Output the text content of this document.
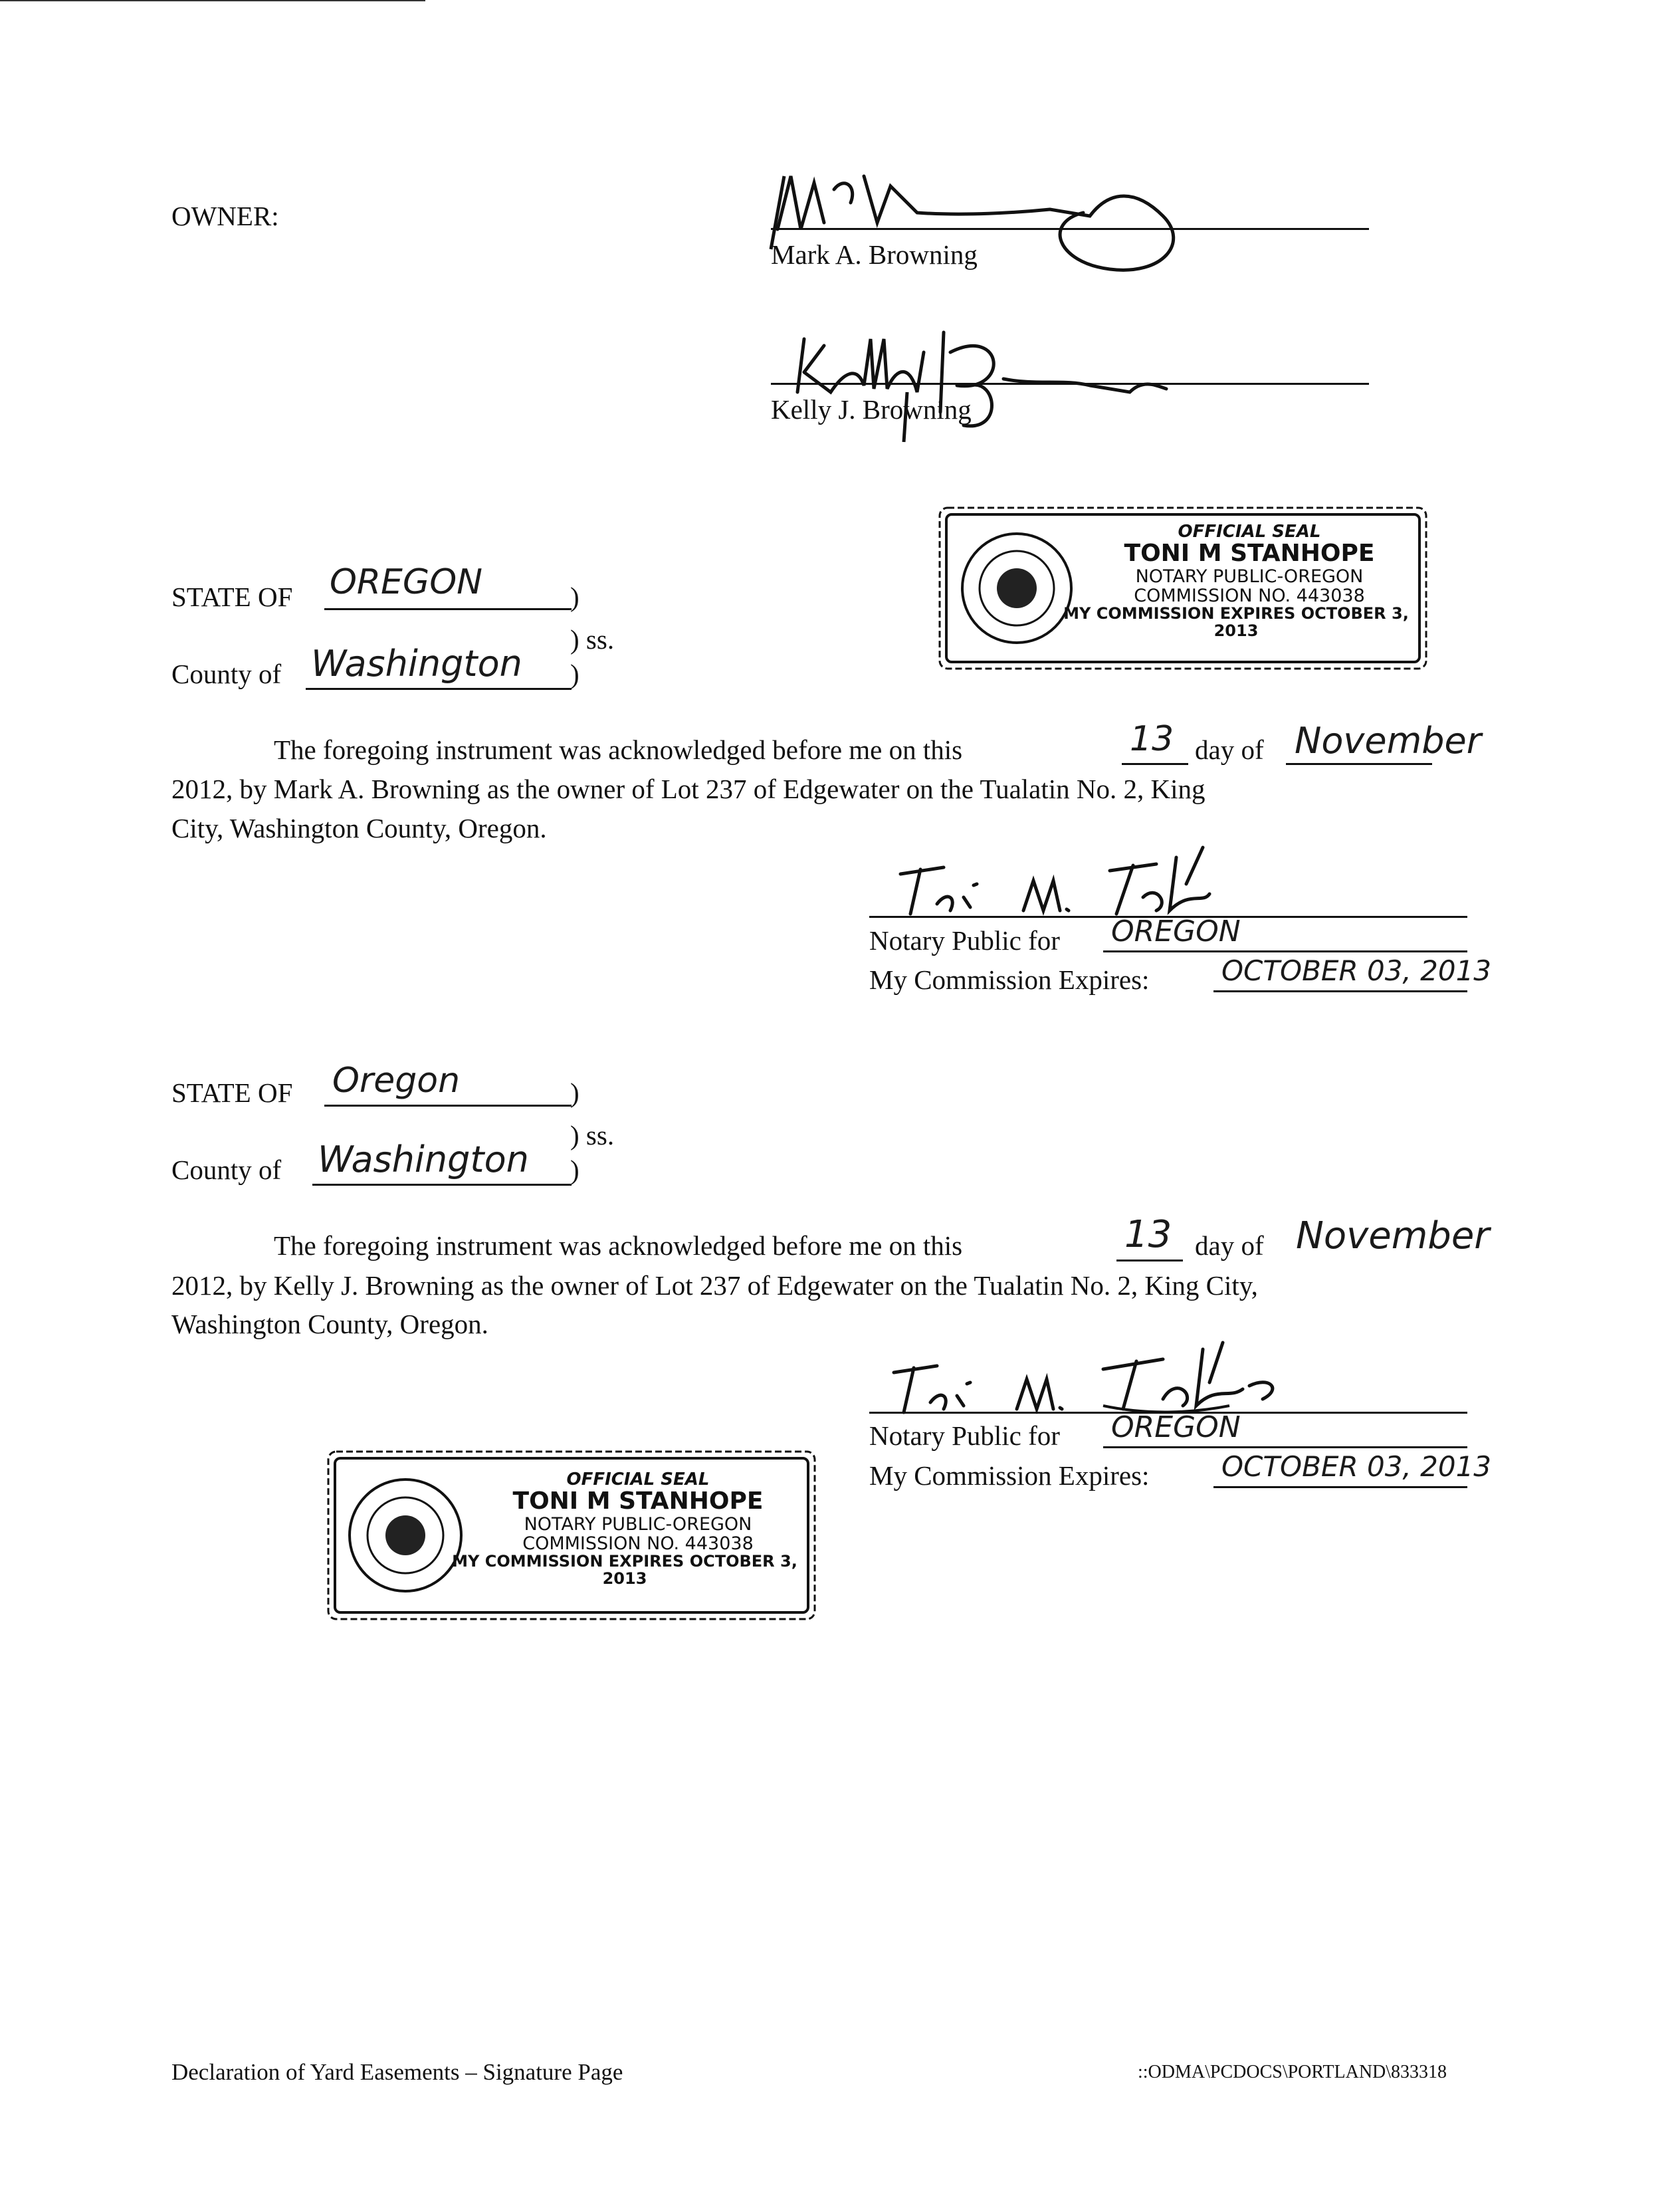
OWNER:
Mark A. Browning
Kelly J. Browning
OFFICIAL SEAL
TONI M STANHOPE
NOTARY PUBLIC-OREGON
COMMISSION NO. 443038
MY COMMISSION EXPIRES OCTOBER 3, 2013
STATE OF OREGON	)
) ss.
County of Washington )
The foregoing instrument was acknowledged before me on this	13 day of November
2012, by Mark A. Browning as the owner of Lot 237 of Edgewater on the Tualatin No. 2, King
City, Washington County, Oregon.
Notary Public for OREGON
My Commission Expires:	OCTOBER 03, 2013
STATE OF Oregon	)
) ss.
County of Washington )
The foregoing instrument was acknowledged before me on this	13 day of November
2012, by Kelly J. Browning as the owner of Lot 237 of Edgewater on the Tualatin No. 2, King City,
Washington County, Oregon.
Notary Public for OREGON
My Commission Expires:	OCTOBER 03, 2013
OFFICIAL SEAL
TONI M STANHOPE
NOTARY PUBLIC-OREGON
COMMISSION NO. 443038
MY COMMISSION EXPIRES OCTOBER 3, 2013
Declaration of Yard Easements – Signature Page	::ODMA\PCDOCS\PORTLAND\833318
